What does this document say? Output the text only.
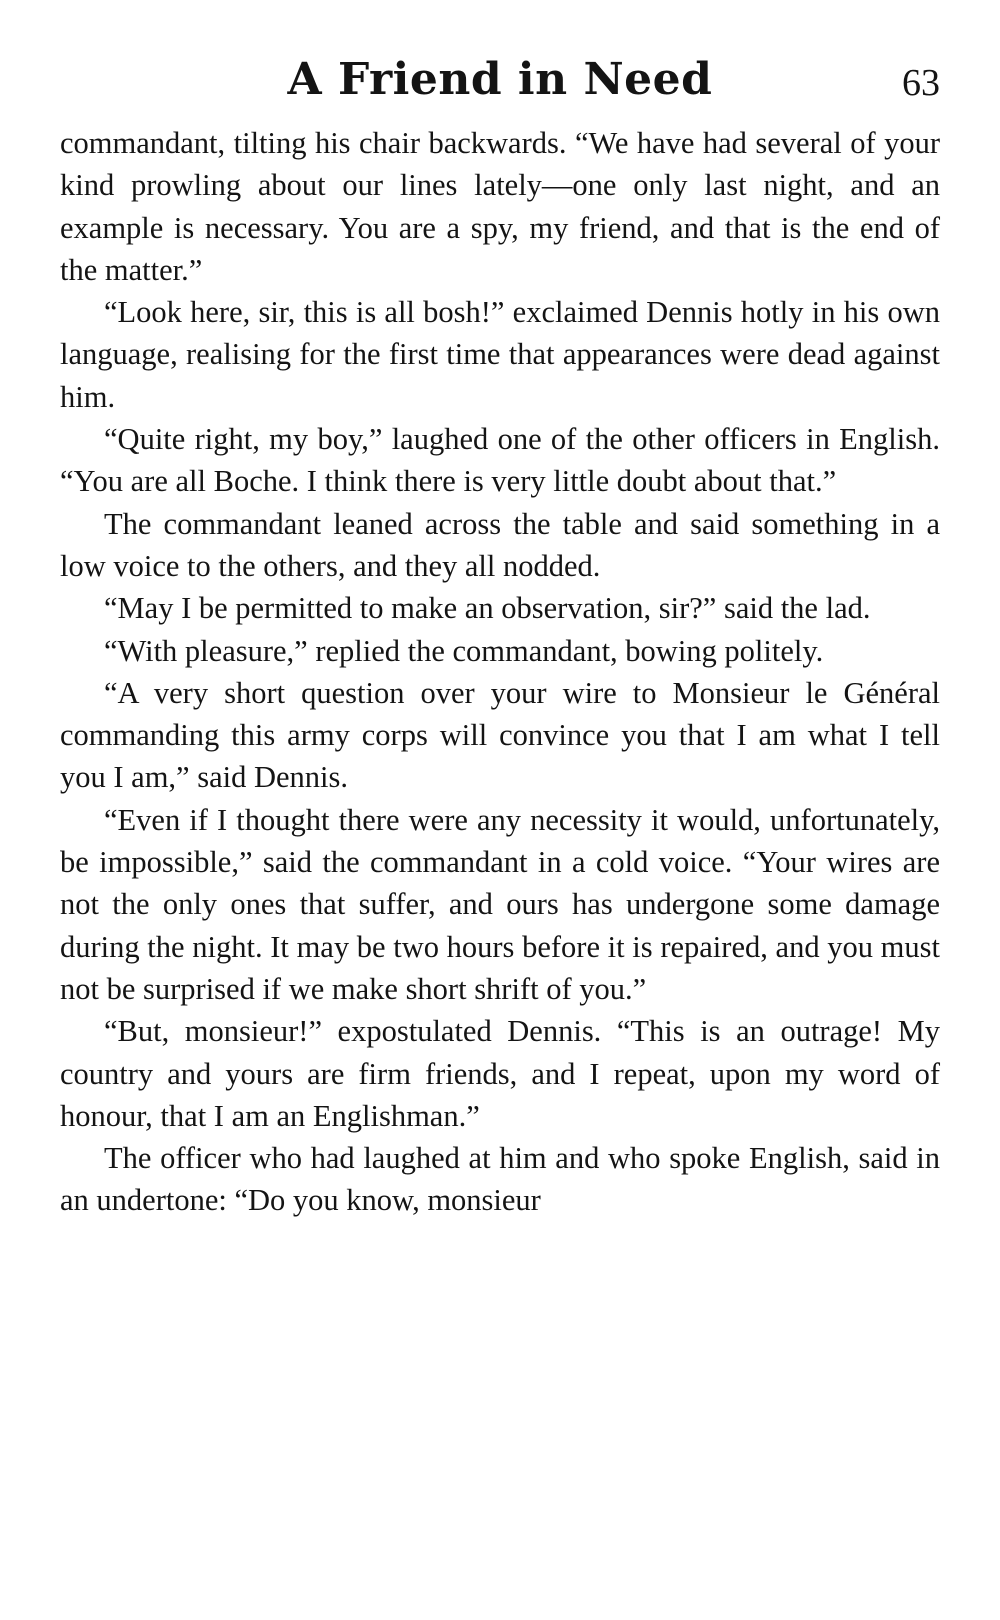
A Friend in Need	63

commandant, tilting his chair backwards. “We have had several of your kind prowling about our lines lately—one only last night, and an example is necessary. You are a spy, my friend, and that is the end of the matter.”

“Look here, sir, this is all bosh!” exclaimed Dennis hotly in his own language, realising for the first time that appearances were dead against him.

“Quite right, my boy,” laughed one of the other officers in English. “You are all Boche. I think there is very little doubt about that.”

The commandant leaned across the table and said something in a low voice to the others, and they all nodded.

“May I be permitted to make an observation, sir?” said the lad.

“With pleasure,” replied the commandant, bowing politely.

“A very short question over your wire to Monsieur le Général commanding this army corps will convince you that I am what I tell you I am,” said Dennis.

“Even if I thought there were any necessity it would, unfortunately, be impossible,” said the commandant in a cold voice. “Your wires are not the only ones that suffer, and ours has undergone some damage during the night. It may be two hours before it is repaired, and you must not be surprised if we make short shrift of you.”

“But, monsieur!” expostulated Dennis. “This is an outrage! My country and yours are firm friends, and I repeat, upon my word of honour, that I am an Englishman.”

The officer who had laughed at him and who spoke English, said in an undertone: “Do you know, monsieur
